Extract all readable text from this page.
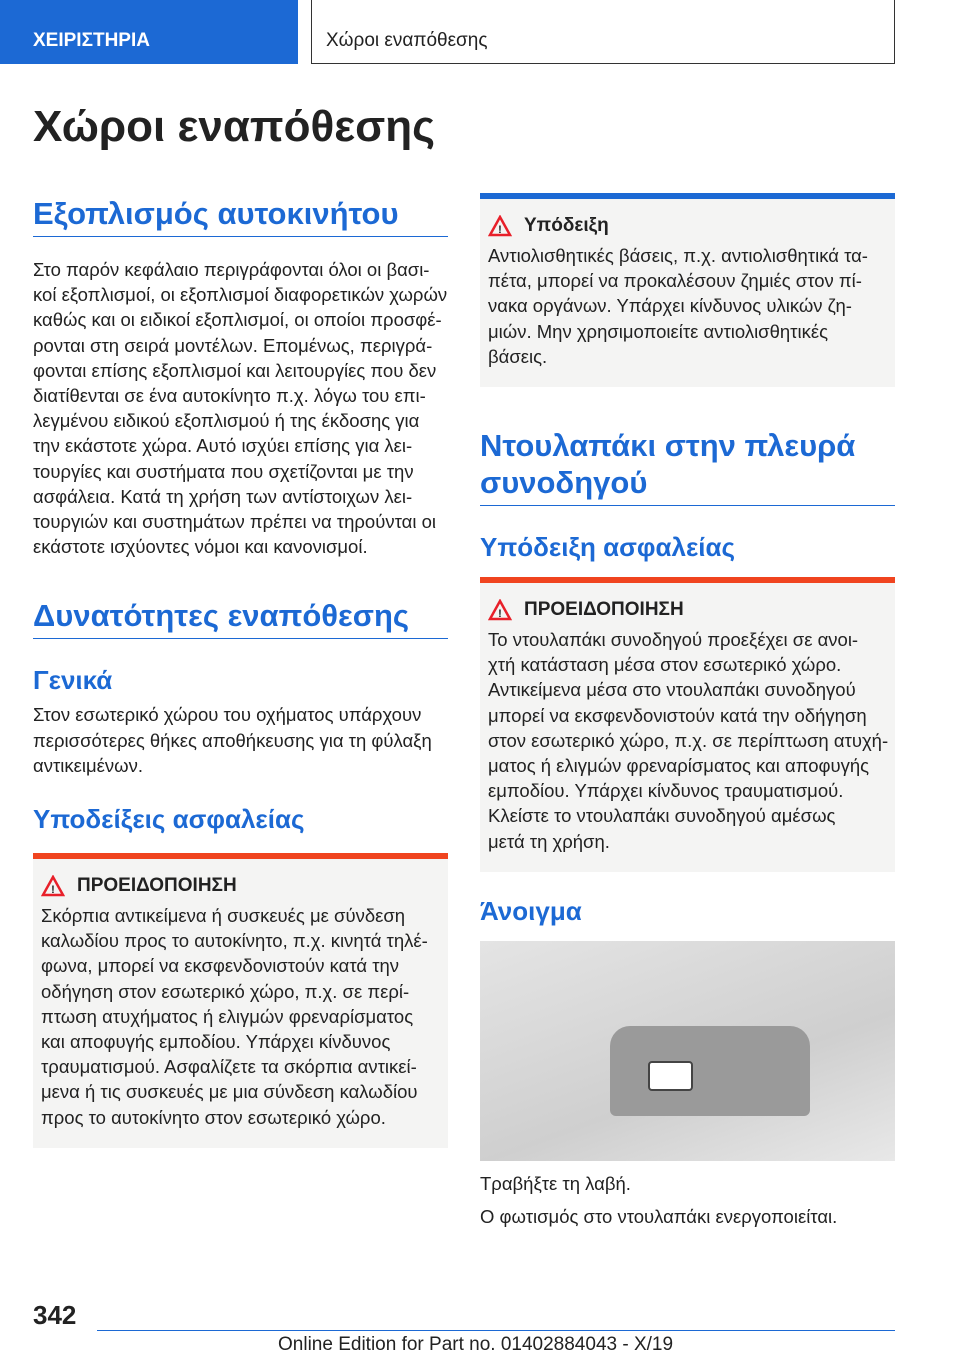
ΧΕΙΡΙΣΤΗΡΙΑ	Χώροι εναπόθεσης
Χώροι εναπόθεσης
Εξοπλισμός αυτοκινήτου
Στο παρόν κεφάλαιο περιγράφονται όλοι οι βασι-
κοί εξοπλισμοί, οι εξοπλισμοί διαφορετικών χωρών
καθώς και οι ειδικοί εξοπλισμοί, οι οποίοι προσφέ-
ρονται στη σειρά μοντέλων. Επομένως, περιγρά-
φονται επίσης εξοπλισμοί και λειτουργίες που δεν
διατίθενται σε ένα αυτοκίνητο π.χ. λόγω του επι-
λεγμένου ειδικού εξοπλισμού ή της έκδοσης για
την εκάστοτε χώρα. Αυτό ισχύει επίσης για λει-
τουργίες και συστήματα που σχετίζονται με την
ασφάλεια. Κατά τη χρήση των αντίστοιχων λει-
τουργιών και συστημάτων πρέπει να τηρούνται οι
εκάστοτε ισχύοντες νόμοι και κανονισμοί.
Δυνατότητες εναπόθεσης
Γενικά
Στον εσωτερικό χώρου του οχήματος υπάρχουν
περισσότερες θήκες αποθήκευσης για τη φύλαξη
αντικειμένων.
Υποδείξεις ασφαλείας
! ΠΡΟΕΙΔΟΠΟΙΗΣΗ
Σκόρπια αντικείμενα ή συσκευές με σύνδεση
καλωδίου προς το αυτοκίνητο, π.χ. κινητά τηλέ-
φωνα, μπορεί να εκσφενδονιστούν κατά την
οδήγηση στον εσωτερικό χώρο, π.χ. σε περί-
πτωση ατυχήματος ή ελιγμών φρεναρίσματος
και αποφυγής εμποδίου. Υπάρχει κίνδυνος
τραυματισμού. Ασφαλίζετε τα σκόρπια αντικεί-
μενα ή τις συσκευές με μια σύνδεση καλωδίου
προς το αυτοκίνητο στον εσωτερικό χώρο.
! Υπόδειξη
Αντιολισθητικές βάσεις, π.χ. αντιολισθητικά τα-
πέτα, μπορεί να προκαλέσουν ζημιές στον πί-
νακα οργάνων. Υπάρχει κίνδυνος υλικών ζη-
μιών. Μην χρησιμοποιείτε αντιολισθητικές
βάσεις.
Ντουλαπάκι στην πλευρά
συνοδηγού
Υπόδειξη ασφαλείας
! ΠΡΟΕΙΔΟΠΟΙΗΣΗ
Το ντουλαπάκι συνοδηγού προεξέχει σε ανοι-
χτή κατάσταση μέσα στον εσωτερικό χώρο.
Αντικείμενα μέσα στο ντουλαπάκι συνοδηγού
μπορεί να εκσφενδονιστούν κατά την οδήγηση
στον εσωτερικό χώρο, π.χ. σε περίπτωση ατυχή-
ματος ή ελιγμών φρεναρίσματος και αποφυγής
εμποδίου. Υπάρχει κίνδυνος τραυματισμού.
Κλείστε το ντουλαπάκι συνοδηγού αμέσως
μετά τη χρήση.
Άνοιγμα
Τραβήξτε τη λαβή.
Ο φωτισμός στο ντουλαπάκι ενεργοποιείται.
342
Online Edition for Part no. 01402884043 - X/19
